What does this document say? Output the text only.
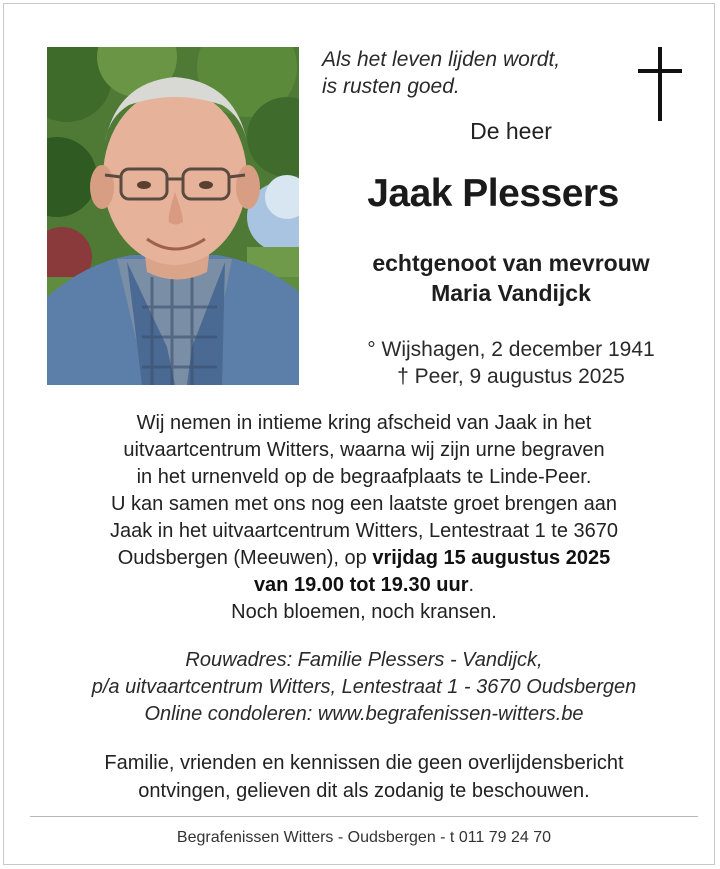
Als het leven lijden wordt,
is rusten goed.
De heer
Jaak Plessers
echtgenoot van mevrouw
Maria Vandijck
° Wijshagen, 2 december 1941
† Peer, 9 augustus 2025
Wij nemen in intieme kring afscheid van Jaak in het
uitvaartcentrum Witters, waarna wij zijn urne begraven
in het urnenveld op de begraafplaats te Linde-Peer.
U kan samen met ons nog een laatste groet brengen aan
Jaak in het uitvaartcentrum Witters, Lentestraat 1 te 3670
Oudsbergen (Meeuwen), op vrijdag 15 augustus 2025
van 19.00 tot 19.30 uur.
Noch bloemen, noch kransen.
Rouwadres: Familie Plessers - Vandijck,
p/a uitvaartcentrum Witters, Lentestraat 1 - 3670 Oudsbergen
Online condoleren: www.begrafenissen-witters.be
Familie, vrienden en kennissen die geen overlijdensbericht
ontvingen, gelieven dit als zodanig te beschouwen.
Begrafenissen Witters - Oudsbergen - t 011 79 24 70
